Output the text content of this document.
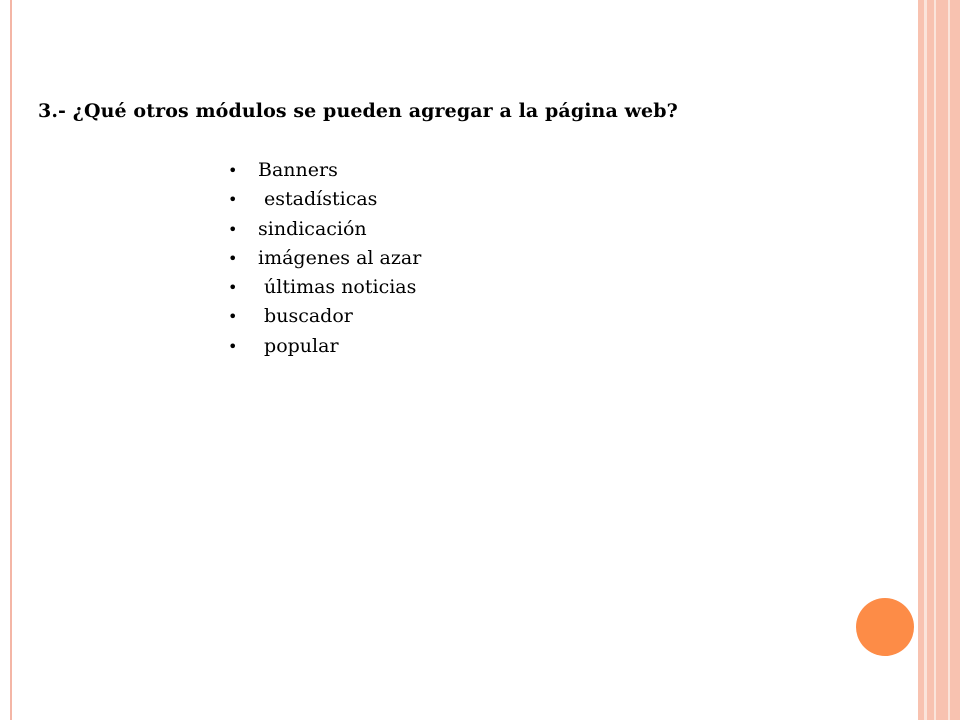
3.- ¿Qué otros módulos se pueden agregar a la página web?

• Banners
• estadísticas
• sindicación
• imágenes al azar
• últimas noticias
• buscador
• popular
